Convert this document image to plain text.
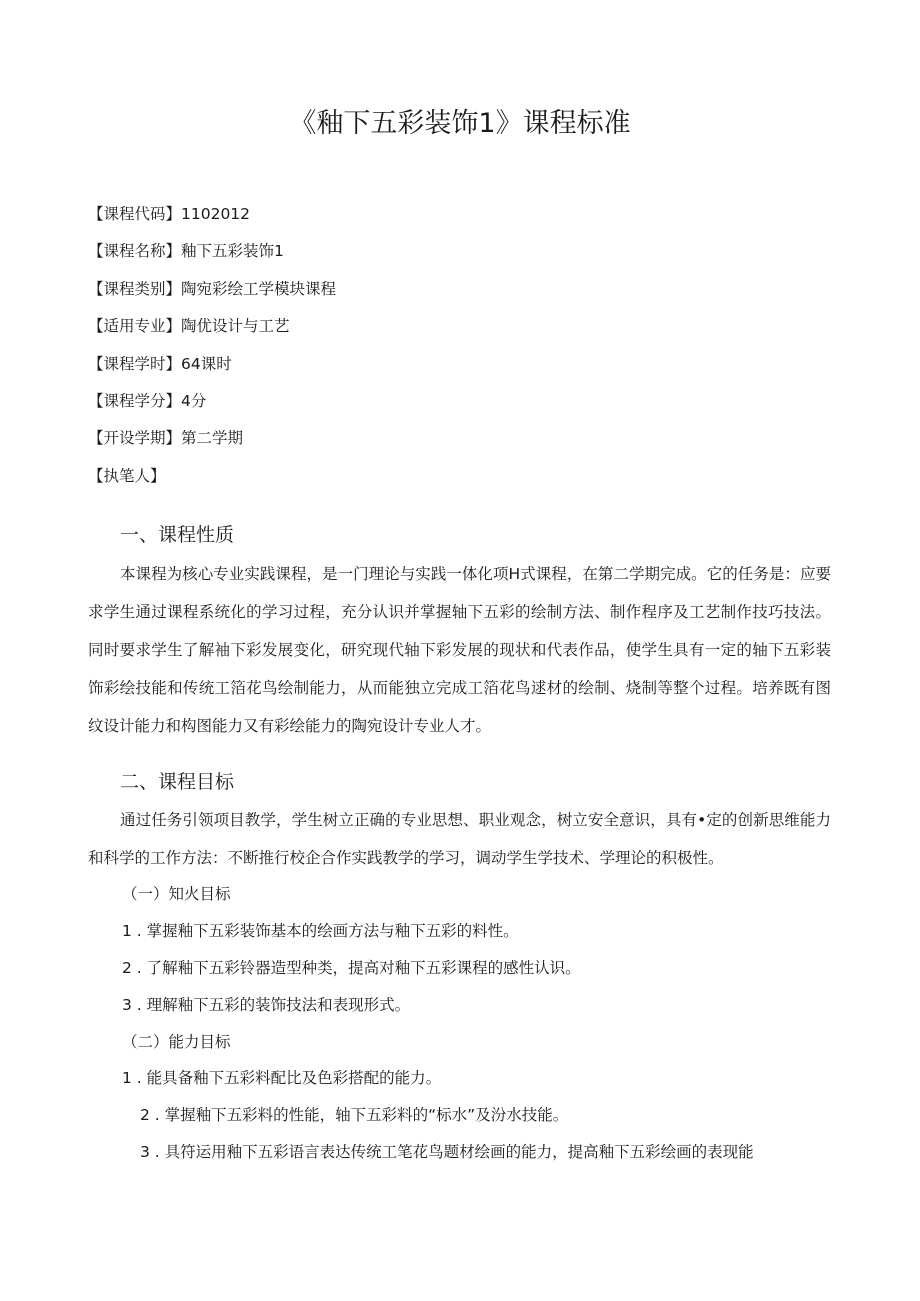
《釉下五彩装饰1》课程标准
【课程代码】1102012
【课程名称】釉下五彩装饰1
【课程类别】陶宛彩绘工学模块课程
【适用专业】陶优设计与工艺
【课程学时】64课时
【课程学分】4分
【开设学期】第二学期
【执笔人】
一、课程性质

本课程为核心专业实践课程，是一门理论与实践一体化项H式课程，在第二学期完成。它的任务是：应要求学生通过课程系统化的学习过程，充分认识并掌握轴下五彩的绘制方法、制作程序及工艺制作技巧技法。同时要求学生了解袖下彩发展变化，研究现代轴下彩发展的现状和代表作品，使学生具有一定的轴下五彩装饰彩绘技能和传统工箔花鸟绘制能力，从而能独立完成工箔花鸟逑材的绘制、烧制等整个过程。培养既有图纹设计能力和构图能力又有彩绘能力的陶宛设计专业人才。

二、课程目标

通过任务引领项目教学，学生树立正确的专业思想、职业观念，树立安全意识，具有•定的创新思维能力和科学的工作方法：不断推行校企合作实践教学的学习，调动学生学技术、学理论的积极性。

（一）知火目标
1 . 掌握釉下五彩装饰基本的绘画方法与釉下五彩的料性。
2 . 了解釉下五彩铃器造型种类，提高对釉下五彩课程的感性认识。
3 . 理解釉下五彩的装饰技法和表现形式。
（二）能力目标
1 . 能具备釉下五彩料配比及色彩搭配的能力。
2 . 掌握釉下五彩料的性能，轴下五彩料的“标水”及汾水技能。
3 . 具符运用釉下五彩语言表达传统工笔花鸟题材绘画的能力，提高釉下五彩绘画的表现能
